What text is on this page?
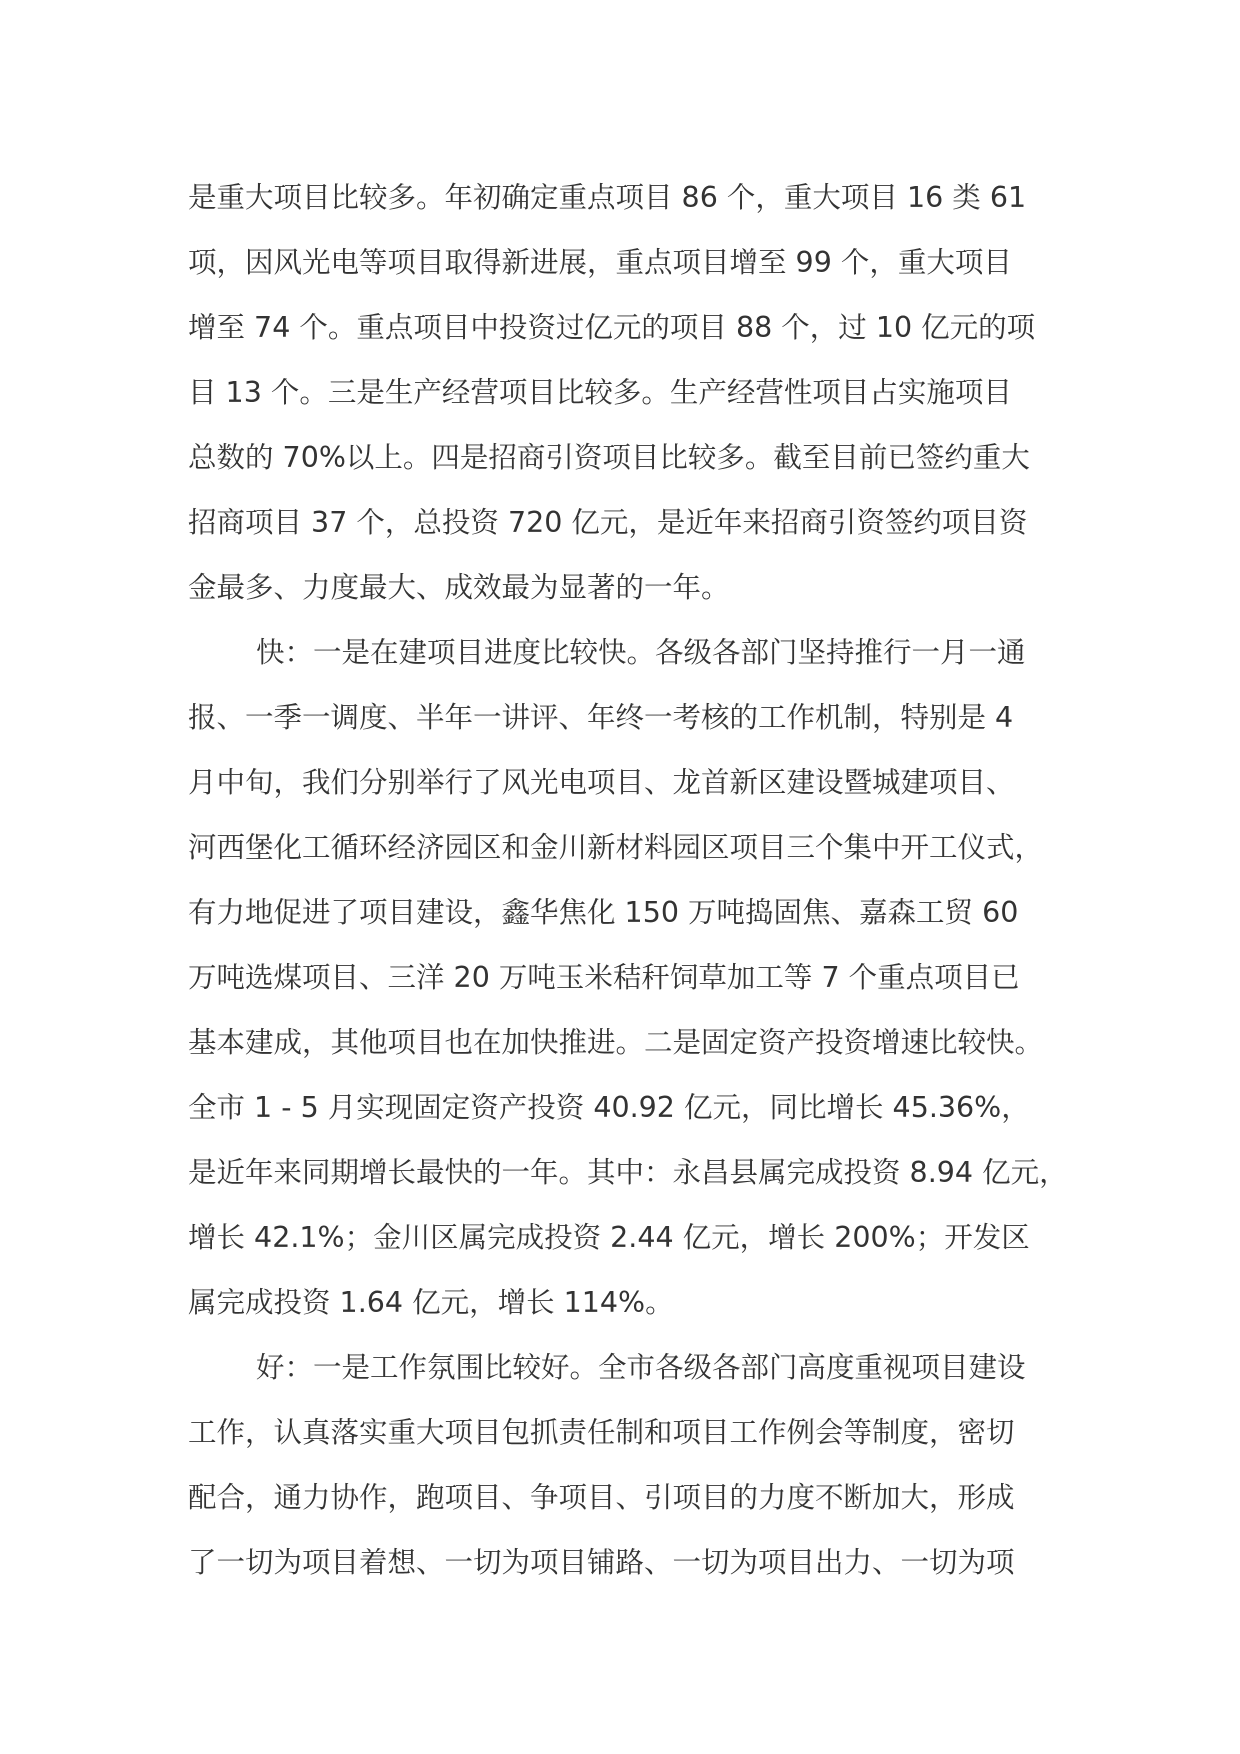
是重大项目比较多。年初确定重点项目 86 个，重大项目 16 类 61
项，因风光电等项目取得新进展，重点项目增至 99 个，重大项目
增至 74 个。重点项目中投资过亿元的项目 88 个，过 10 亿元的项
目 13 个。三是生产经营项目比较多。生产经营性项目占实施项目
总数的 70%以上。四是招商引资项目比较多。截至目前已签约重大
招商项目 37 个，总投资 720 亿元，是近年来招商引资签约项目资
金最多、力度最大、成效最为显著的一年。
快：一是在建项目进度比较快。各级各部门坚持推行一月一通
报、一季一调度、半年一讲评、年终一考核的工作机制，特别是 4
月中旬，我们分别举行了风光电项目、龙首新区建设暨城建项目、
河西堡化工循环经济园区和金川新材料园区项目三个集中开工仪式，
有力地促进了项目建设，鑫华焦化 150 万吨捣固焦、嘉森工贸 60
万吨选煤项目、三洋 20 万吨玉米秸秆饲草加工等 7 个重点项目已
基本建成，其他项目也在加快推进。二是固定资产投资增速比较快。
全市 1 - 5 月实现固定资产投资 40.92 亿元，同比增长 45.36%，
是近年来同期增长最快的一年。其中：永昌县属完成投资 8.94 亿元，
增长 42.1%；金川区属完成投资 2.44 亿元，增长 200%；开发区
属完成投资 1.64 亿元，增长 114%。
好：一是工作氛围比较好。全市各级各部门高度重视项目建设
工作，认真落实重大项目包抓责任制和项目工作例会等制度，密切
配合，通力协作，跑项目、争项目、引项目的力度不断加大，形成
了一切为项目着想、一切为项目铺路、一切为项目出力、一切为项
